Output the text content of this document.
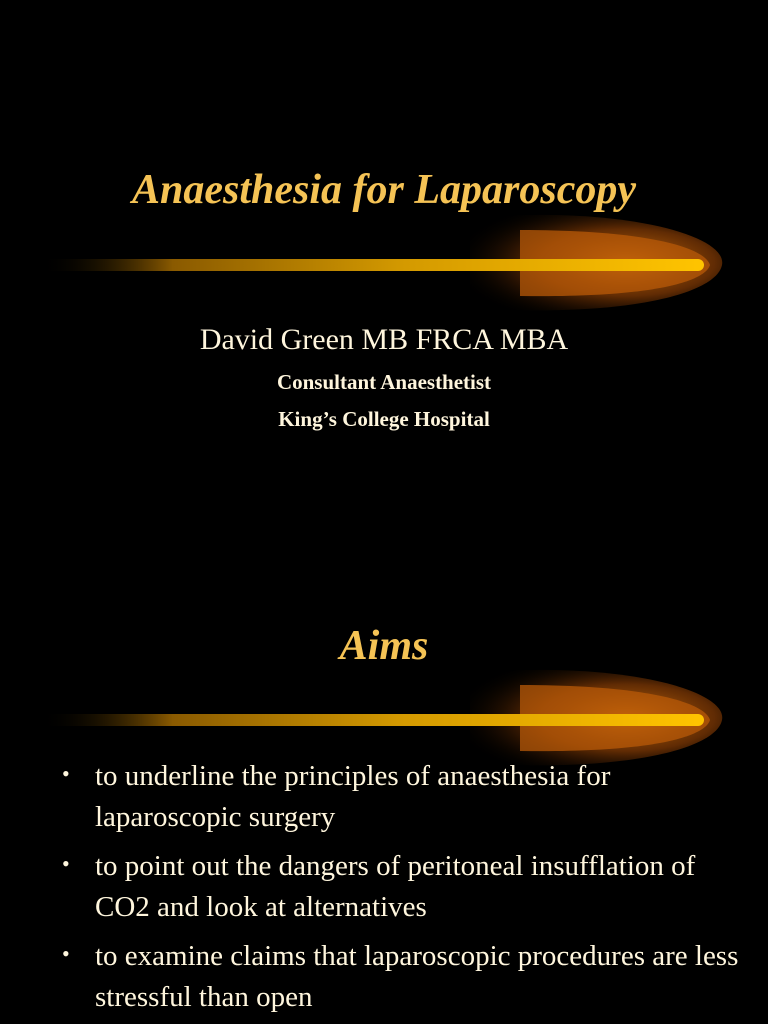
Anaesthesia for Laparoscopy
David Green MB FRCA MBA
Consultant Anaesthetist
King’s College Hospital
Aims
• to underline the principles of anaesthesia for laparoscopic surgery
• to point out the dangers of peritoneal insufflation of CO2 and look at alternatives
• to examine claims that laparoscopic procedures are less stressful than open
